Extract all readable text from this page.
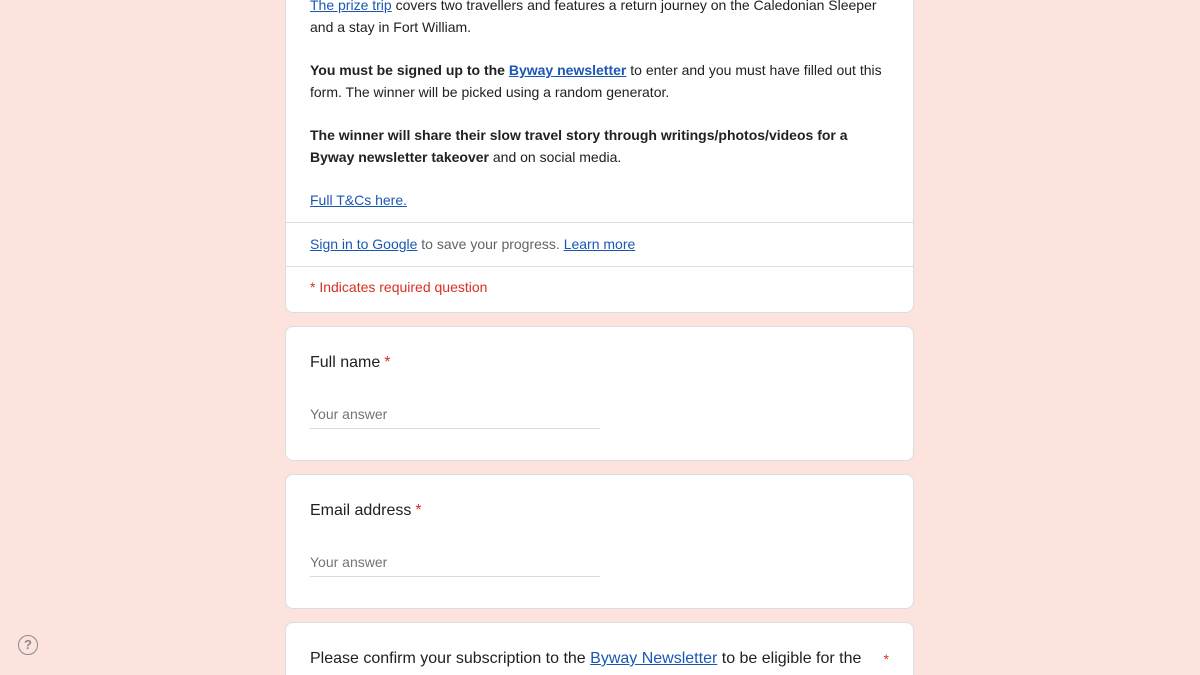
The prize trip covers two travellers and features a return journey on the Caledonian Sleeper and a stay in Fort William.

You must be signed up to the Byway newsletter to enter and you must have filled out this form. The winner will be picked using a random generator.

The winner will share their slow travel story through writings/photos/videos for a Byway newsletter takeover and on social media.

Full T&Cs here.

Sign in to Google to save your progress. Learn more
* Indicates required question
Full name *
Your answer
Email address *
Your answer
Please confirm your subscription to the Byway Newsletter to be eligible for the	*
?
